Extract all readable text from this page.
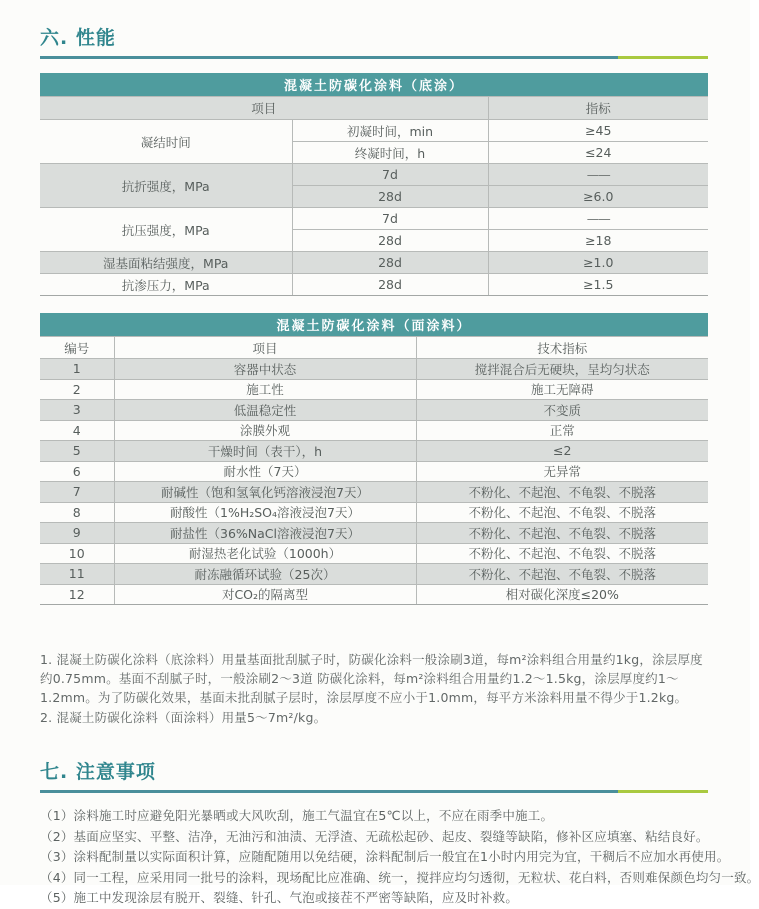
六. 性能
混凝土防碳化涂料（底涂）		
项目		指标
凝结时间	初凝时间，min	≥45
	终凝时间，h	≤24
抗折强度，MPa	7d	——
	28d	≥6.0
抗压强度，MPa	7d	——
	28d	≥18
湿基面粘结强度，MPa	28d	≥1.0
抗渗压力，MPa	28d	≥1.5
混凝土防碳化涂料（面涂料）		
编号	项目	技术指标
1	容器中状态	搅拌混合后无硬块，呈均匀状态
2	施工性	施工无障碍
3	低温稳定性	不变质
4	涂膜外观	正常
5	干燥时间（表干），h	≤2
6	耐水性（7天）	无异常
7	耐碱性（饱和氢氧化钙溶液浸泡7天）	不粉化、不起泡、不龟裂、不脱落
8	耐酸性（1%H₂SO₄溶液浸泡7天）	不粉化、不起泡、不龟裂、不脱落
9	耐盐性（36%NaCl溶液浸泡7天）	不粉化、不起泡、不龟裂、不脱落
10	耐湿热老化试验（1000h）	不粉化、不起泡、不龟裂、不脱落
11	耐冻融循环试验（25次）	不粉化、不起泡、不龟裂、不脱落
12	对CO₂的隔离型	相对碳化深度≤20%

1. 混凝土防碳化涂料（底涂料）用量基面批刮腻子时，防碳化涂料一般涂刷3道，每m²涂料组合用量约1kg，涂层厚度约0.75mm。基面不刮腻子时，一般涂刷2～3道 防碳化涂料，每m²涂料组合用量约1.2～1.5kg，涂层厚度约1～1.2mm。为了防碳化效果，基面未批刮腻子层时，涂层厚度不应小于1.0mm，每平方米涂料用量不得少于1.2kg。

2. 混凝土防碳化涂料（面涂料）用量5～7m²/kg。

七. 注意事项

（1）涂料施工时应避免阳光暴晒或大风吹刮，施工气温宜在5℃以上，不应在雨季中施工。

（2）基面应坚实、平整、洁净，无油污和油渍、无浮渣、无疏松起砂、起皮、裂缝等缺陷，修补区应填塞、粘结良好。

（3）涂料配制量以实际面积计算，应随配随用以免结硬，涂料配制后一般宜在1小时内用完为宜，干稠后不应加水再使用。

（4）同一工程，应采用同一批号的涂料，现场配比应准确、统一，搅拌应均匀透彻，无粒状、花白料，否则难保颜色均匀一致。

（5）施工中发现涂层有脱开、裂缝、针孔、气泡或接茬不严密等缺陷，应及时补救。
